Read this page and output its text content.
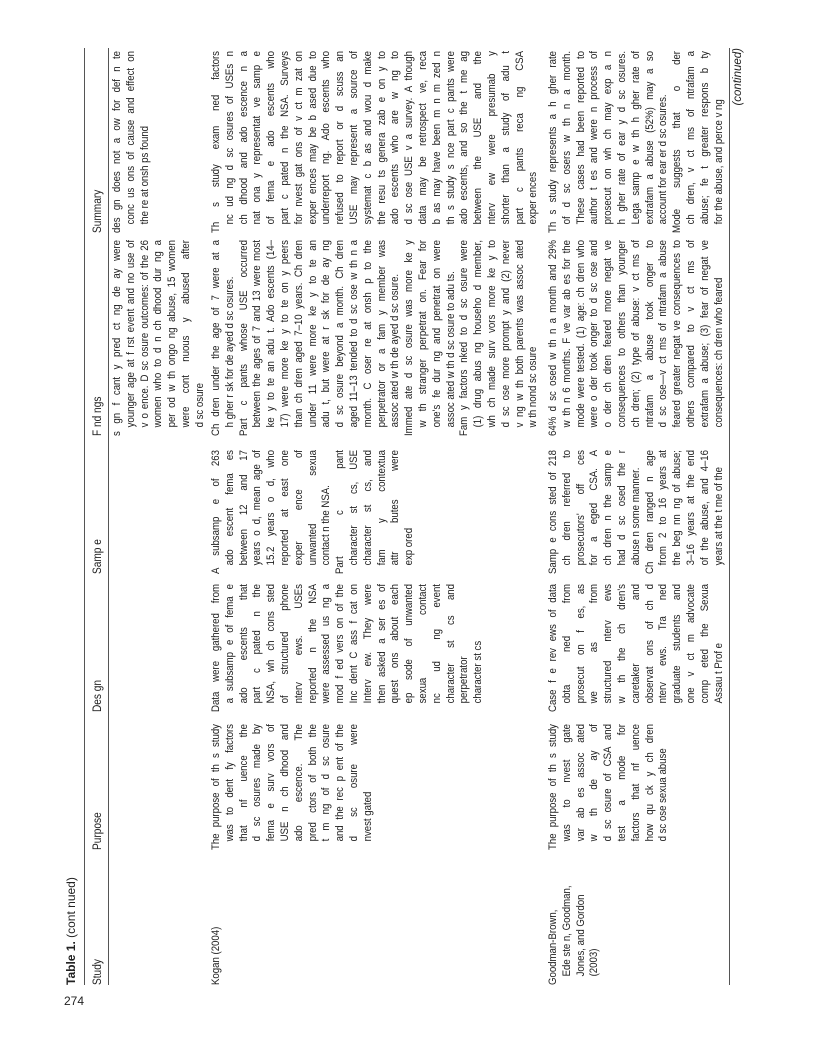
274
Table 1. (cont nued)
Study
Purpose
Des gn
Samp e
F nd ngs
Summary
s gn f cant y pred ct ng de ay were younger age at f rst event and no use of v o ence. D sc osure outcomes: of the 26 women who to d n ch dhood dur ng a per od w th ongo ng abuse, 15 women were cont nuous y abused after d sc osure
des gn does not a ow for def n te conc us ons of cause and effect on the re at onsh ps found
Kogan (2004)
The purpose of th s study was to dent fy factors that nf uence the d sc osures made by fema e surv vors of USE n ch dhood and ado escence. The pred ctors of both the t m ng of d sc osure and the rec p ent of the d sc osure were nvest gated
Data were gathered from a subsamp e of fema e ado escents that part c pated n the NSA, wh ch cons sted of structured phone nterv ews. USEs reported n the NSA were assessed us ng a mod f ed vers on of the Inc dent C ass f cat on Interv ew. They were then asked a ser es of quest ons about each ep sode of unwanted sexua contact nc ud ng event character st cs and perpetrator character st cs
A subsamp e of 263 ado escent fema es between 12 and 17 years o d, mean age of 15.2 years o d, who reported at east one exper ence of unwanted sexua contact n the NSA. Part c pant character st cs, USE character st cs, and fam y contextua attr butes were exp ored
Ch dren under the age of 7 were at a h gher r sk for de ayed d sc osures. Part c pants whose USE occurred between the ages of 7 and 13 were most ke y to te an adu t. Ado escents (14– 17) were more ke y to te on y peers than ch dren aged 7–10 years. Ch dren under 11 were more ke y to te an adu t, but were at r sk for de ay ng d sc osure beyond a month. Ch dren aged 11–13 tended to d sc ose w th n a month. C oser re at onsh p to the perpetrator or a fam y member was assoc ated w th de ayed d sc osure. Immed ate d sc osure was more ke y w th stranger perpetrat on. Fear for one's fe dur ng and penetrat on were assoc ated w th d sc osure to adu ts. Fam y factors nked to d sc osure were (1) drug abus ng househo d member, wh ch made surv vors more ke y to d sc ose more prompt y and (2) never v ng w th both parents was assoc ated w th nond sc osure
Th s study exam ned factors nc ud ng d sc osures of USEs n ch dhood and ado escence n a nat ona y representat ve samp e of fema e ado escents who part c pated n the NSA. Surveys for nvest gat ons of v ct m zat on exper ences may be b ased due to underreport ng. Ado escents who refused to report or d scuss an USE may represent a source of systemat c b as and wou d make the resu ts genera zab e on y to ado escents who are w ng to d sc ose USE v a survey. A though data may be retrospect ve, reca b as may have been m n m zed n th s study s nce part c pants were ado escents, and so the t me ag between the USE and the nterv ew were presumab y shorter than a study of adu t part c pants reca ng CSA exper ences
Goodman-Brown, Ede ste n, Goodman, Jones, and Gordon (2003)
The purpose of th s study was to nvest gate var ab es assoc ated w th de ay of d sc osure of CSA and test a mode for factors that nf uence how qu ck y ch dren d sc ose sexua abuse
Case f e rev ews of data obta ned from prosecut on f es, as we as from structured nterv ews w th the ch dren's caretaker and observat ons of ch d nterv ews. Tra ned graduate students and one v ct m advocate comp eted the Sexua Assau t Prof e
Samp e cons sted of 218 ch dren referred to prosecutors' off ces for a eged CSA. A ch dren n the samp e had d sc osed the r abuse n some manner. Ch dren ranged n age from 2 to 16 years at the beg nn ng of abuse; 3–16 years at the end of the abuse, and 4–16 years at the t me of the
64% d sc osed w th n a month and 29% w th n 6 months. F ve var ab es for the mode were tested. (1) age: ch dren who were o der took onger to d sc ose and o der ch dren feared more negat ve consequences to others than younger ch dren; (2) type of abuse: v ct ms of ntrafam a abuse took onger to d sc ose—v ct ms of ntrafam a abuse feared greater negat ve consequences to others compared to v ct ms of extrafam a abuse; (3) fear of negat ve consequences: ch dren who feared
Th s study represents a h gher rate of d sc osers w th n a month. These cases had been reported to author t es and were n process of prosecut on wh ch may exp a n h gher rate of ear y d sc osures. Lega samp e w th h gher rate of extrafam a abuse (52%) may a so account for ear er d sc osures. Mode suggests that o der ch dren, v ct ms of ntrafam a abuse; fe t greater respons b ty for the abuse, and perce v ng
(continued)
